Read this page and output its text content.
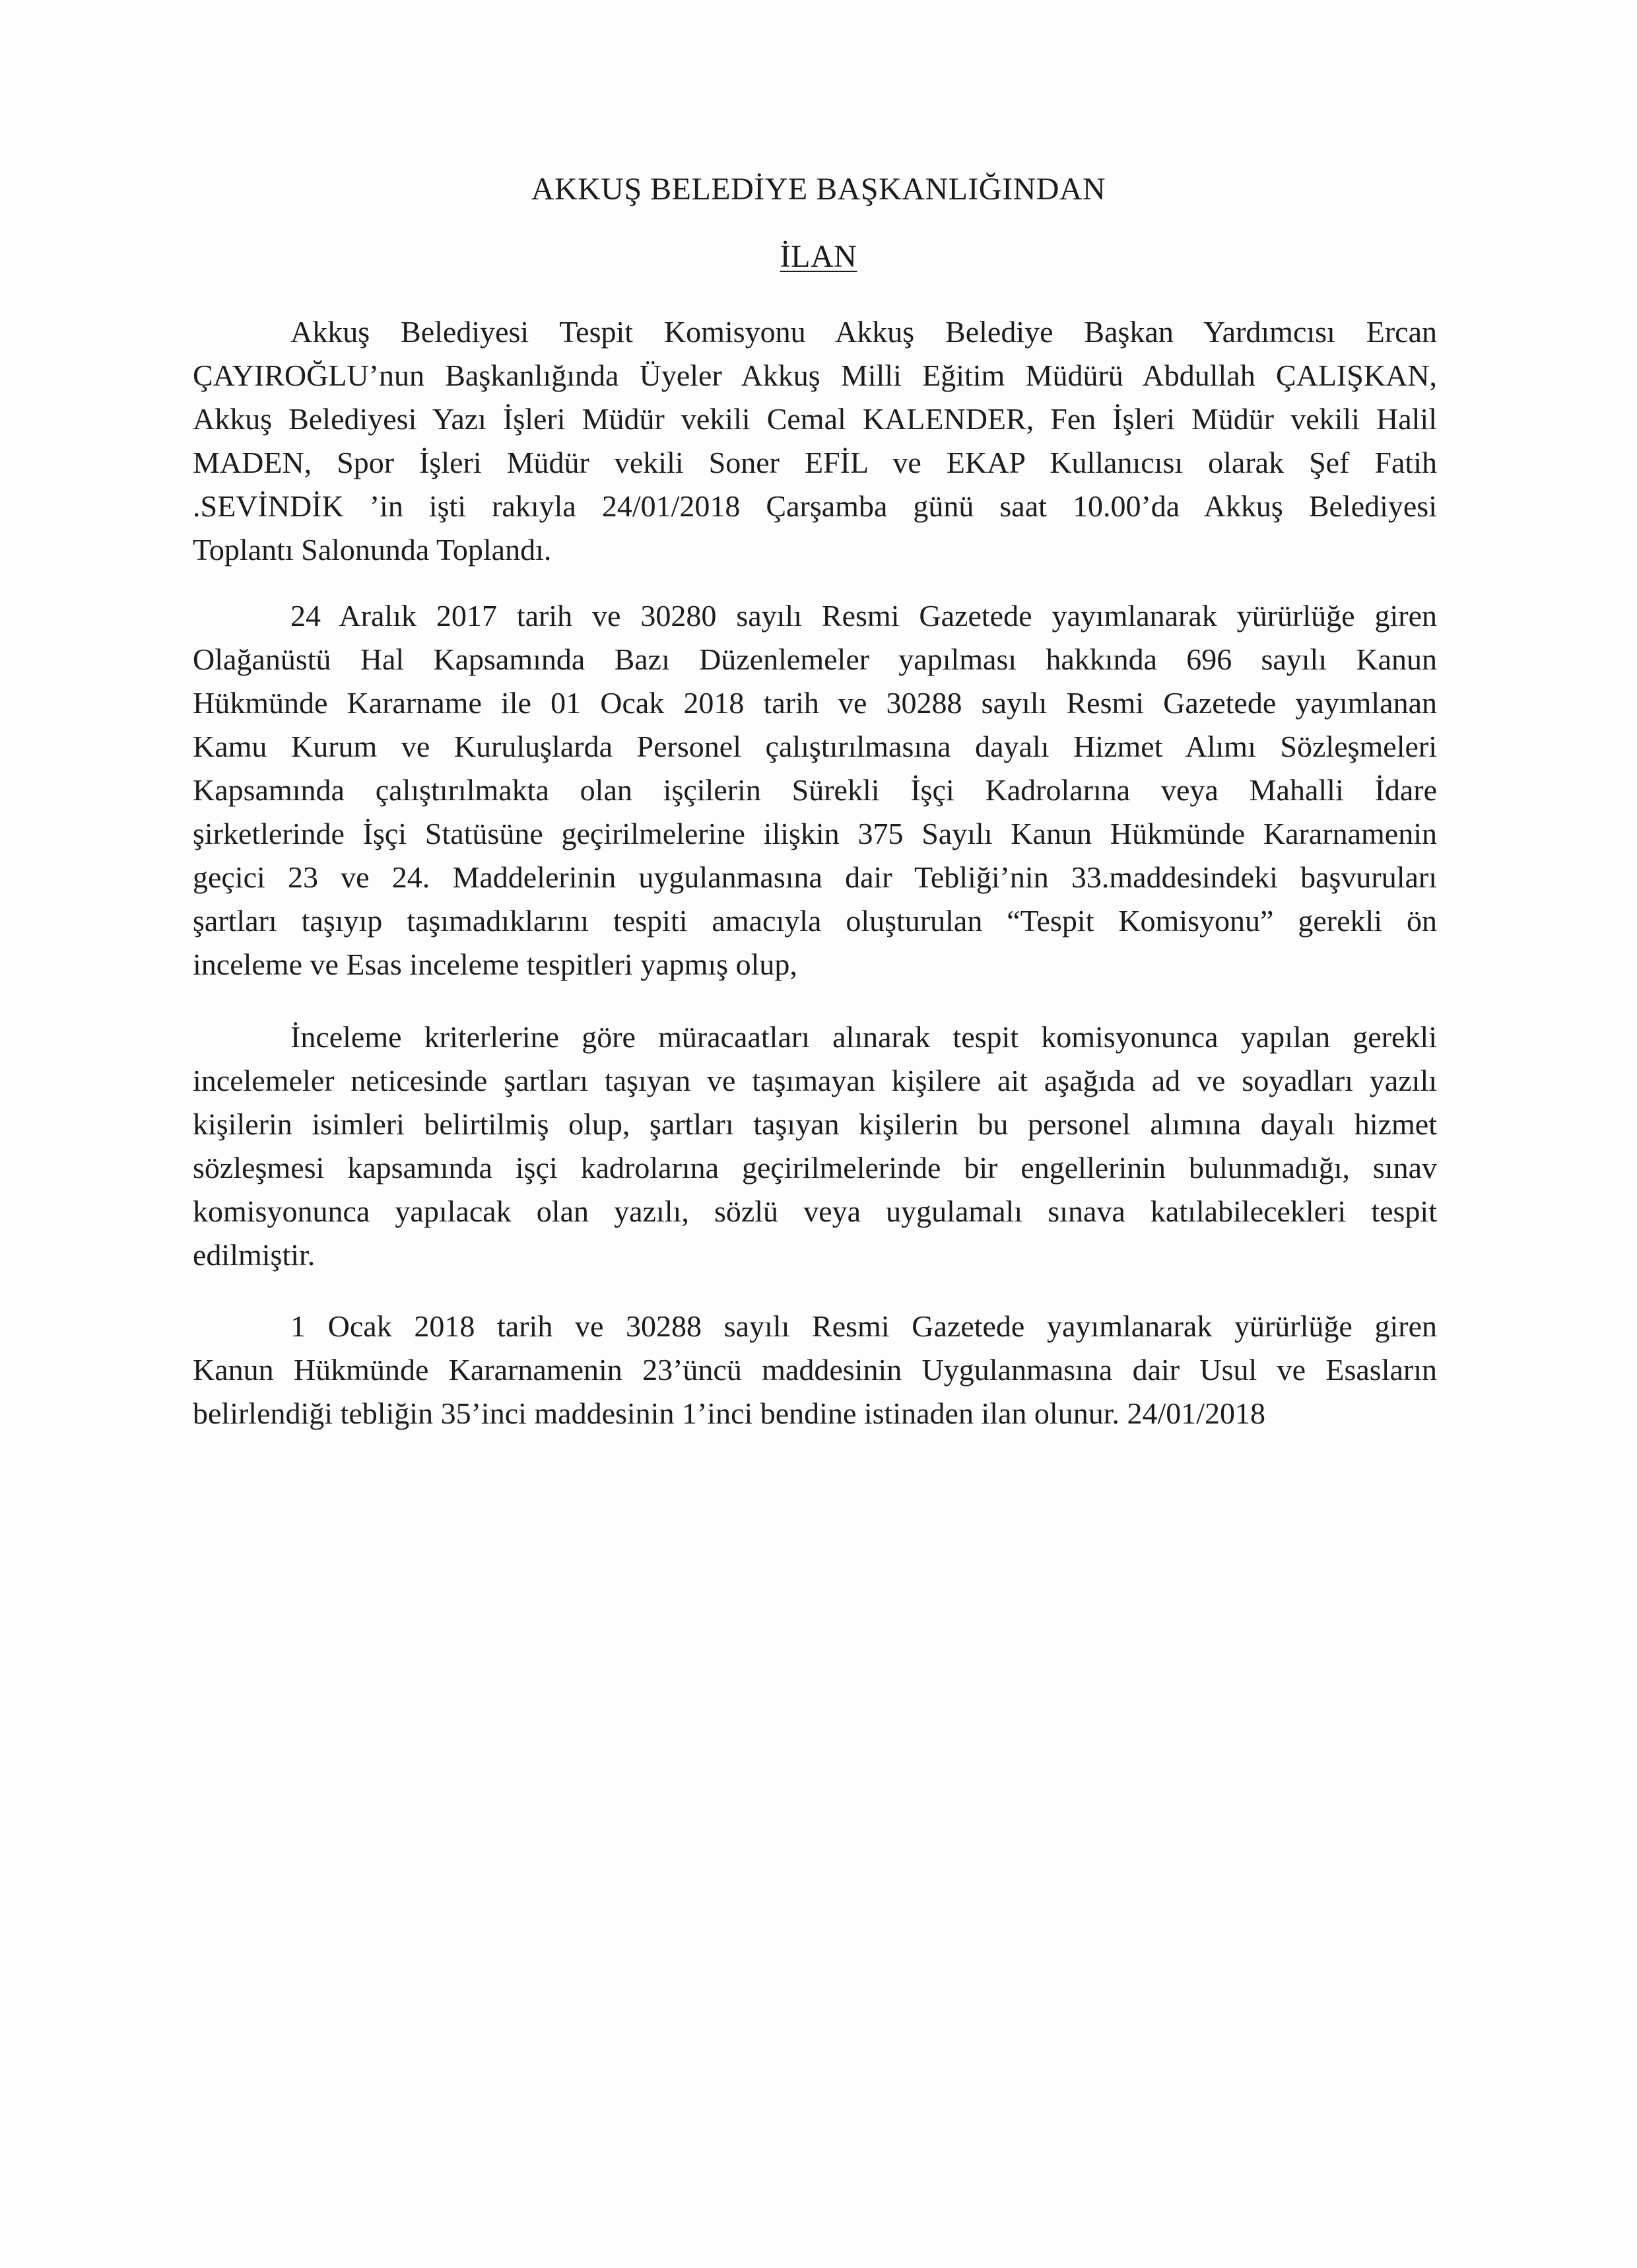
AKKUŞ BELEDİYE BAŞKANLIĞINDAN
İLAN
Akkuş Belediyesi Tespit Komisyonu Akkuş Belediye Başkan Yardımcısı Ercan
ÇAYIROĞLU’nun Başkanlığında Üyeler Akkuş Milli Eğitim Müdürü Abdullah ÇALIŞKAN,
Akkuş Belediyesi Yazı İşleri Müdür vekili Cemal KALENDER, Fen İşleri Müdür vekili Halil
MADEN, Spor İşleri Müdür vekili Soner EFİL ve EKAP Kullanıcısı olarak Şef Fatih
.SEVİNDİK ’in işti rakıyla 24/01/2018 Çarşamba günü saat 10.00’da Akkuş Belediyesi
Toplantı Salonunda Toplandı.
24 Aralık 2017 tarih ve 30280 sayılı Resmi Gazetede yayımlanarak yürürlüğe giren
Olağanüstü Hal Kapsamında Bazı Düzenlemeler yapılması hakkında 696 sayılı Kanun
Hükmünde Kararname ile 01 Ocak 2018 tarih ve 30288 sayılı Resmi Gazetede yayımlanan
Kamu Kurum ve Kuruluşlarda Personel çalıştırılmasına dayalı Hizmet Alımı Sözleşmeleri
Kapsamında çalıştırılmakta olan işçilerin Sürekli İşçi Kadrolarına veya Mahalli İdare
şirketlerinde İşçi Statüsüne geçirilmelerine ilişkin 375 Sayılı Kanun Hükmünde Kararnamenin
geçici 23 ve 24. Maddelerinin uygulanmasına dair Tebliği’nin 33.maddesindeki başvuruları
şartları taşıyıp taşımadıklarını tespiti amacıyla oluşturulan “Tespit Komisyonu” gerekli ön
inceleme ve Esas inceleme tespitleri yapmış olup,
İnceleme kriterlerine göre müracaatları alınarak tespit komisyonunca yapılan gerekli
incelemeler neticesinde şartları taşıyan ve taşımayan kişilere ait aşağıda ad ve soyadları yazılı
kişilerin isimleri belirtilmiş olup, şartları taşıyan kişilerin bu personel alımına dayalı hizmet
sözleşmesi kapsamında işçi kadrolarına geçirilmelerinde bir engellerinin bulunmadığı, sınav
komisyonunca yapılacak olan yazılı, sözlü veya uygulamalı sınava katılabilecekleri tespit
edilmiştir.
1 Ocak 2018 tarih ve 30288 sayılı Resmi Gazetede yayımlanarak yürürlüğe giren
Kanun Hükmünde Kararnamenin 23’üncü maddesinin Uygulanmasına dair Usul ve Esasların
belirlendiği tebliğin 35’inci maddesinin 1’inci bendine istinaden ilan olunur. 24/01/2018
